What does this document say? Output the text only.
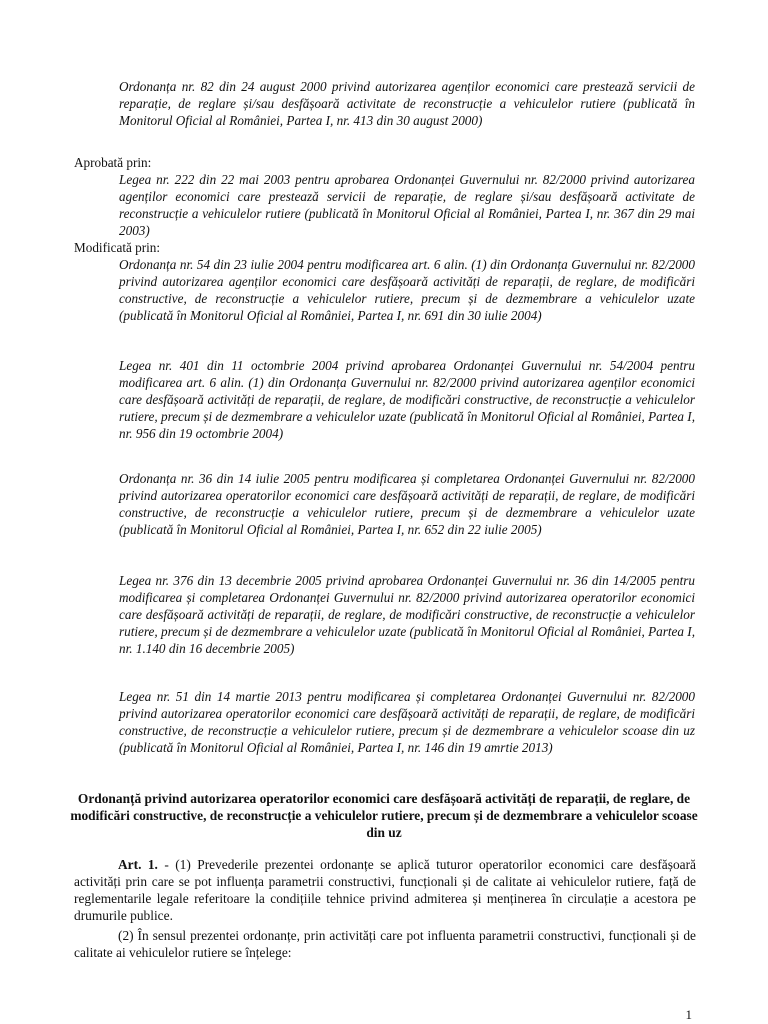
Ordonanța nr. 82 din 24 august 2000 privind autorizarea agenților economici care prestează servicii de reparație, de reglare și/sau desfășoară activitate de reconstrucție a vehiculelor rutiere (publicată în Monitorul Oficial al României, Partea I, nr. 413 din 30 august 2000)

Aprobată prin:

Legea nr. 222 din 22 mai 2003 pentru aprobarea Ordonanței Guvernului nr. 82/2000 privind autorizarea agenților economici care prestează servicii de reparație, de reglare și/sau desfășoară activitate de reconstrucție a vehiculelor rutiere (publicată în Monitorul Oficial al României, Partea I, nr. 367 din 29 mai 2003)

Modificată prin:

Ordonanța nr. 54 din 23 iulie 2004 pentru modificarea art. 6 alin. (1) din Ordonanța Guvernului nr. 82/2000 privind autorizarea agenților economici care desfășoară activități de reparații, de reglare, de modificări constructive, de reconstrucție a vehiculelor rutiere, precum și de dezmembrare a vehiculelor uzate (publicată în Monitorul Oficial al României, Partea I, nr. 691 din 30 iulie 2004)

Legea nr. 401 din 11 octombrie 2004 privind aprobarea Ordonanței Guvernului nr. 54/2004 pentru modificarea art. 6 alin. (1) din Ordonanța Guvernului nr. 82/2000 privind autorizarea agenților economici care desfășoară activități de reparații, de reglare, de modificări constructive, de reconstrucție a vehiculelor rutiere, precum și de dezmembrare a vehiculelor uzate (publicată în Monitorul Oficial al României, Partea I, nr. 956 din 19 octombrie 2004)

Ordonanța nr. 36 din 14 iulie 2005 pentru modificarea și completarea Ordonanței Guvernului nr. 82/2000 privind autorizarea operatorilor economici care desfășoară activități de reparații, de reglare, de modificări constructive, de reconstrucție a vehiculelor rutiere, precum și de dezmembrare a vehiculelor uzate (publicată în Monitorul Oficial al României, Partea I, nr. 652 din 22 iulie 2005)

Legea nr. 376 din 13 decembrie 2005 privind aprobarea Ordonanței Guvernului nr. 36 din 14/2005 pentru modificarea și completarea Ordonanței Guvernului nr. 82/2000 privind autorizarea operatorilor economici care desfășoară activități de reparații, de reglare, de modificări constructive, de reconstrucție a vehiculelor rutiere, precum și de dezmembrare a vehiculelor uzate (publicată în Monitorul Oficial al României, Partea I, nr. 1.140 din 16 decembrie 2005)

Legea nr. 51 din 14 martie 2013 pentru modificarea și completarea Ordonanței Guvernului nr. 82/2000 privind autorizarea operatorilor economici care desfășoară activități de reparații, de reglare, de modificări constructive, de reconstrucție a vehiculelor rutiere, precum și de dezmembrare a vehiculelor scoase din uz (publicată în Monitorul Oficial al României, Partea I, nr. 146 din 19 amrtie 2013)

Ordonanță privind autorizarea operatorilor economici care desfășoară activități de reparații, de reglare, de modificări constructive, de reconstrucție a vehiculelor rutiere, precum și de dezmembrare a vehiculelor scoase din uz

Art. 1. - (1) Prevederile prezentei ordonanțe se aplică tuturor operatorilor economici care desfășoară activități prin care se pot influența parametrii constructivi, funcționali și de calitate ai vehiculelor rutiere, față de reglementarile legale referitoare la condițiile tehnice privind admiterea și menținerea în circulație a acestora pe drumurile publice.

(2) În sensul prezentei ordonanțe, prin activități care pot influenta parametrii constructivi, funcționali și de calitate ai vehiculelor rutiere se înțelege:

1
